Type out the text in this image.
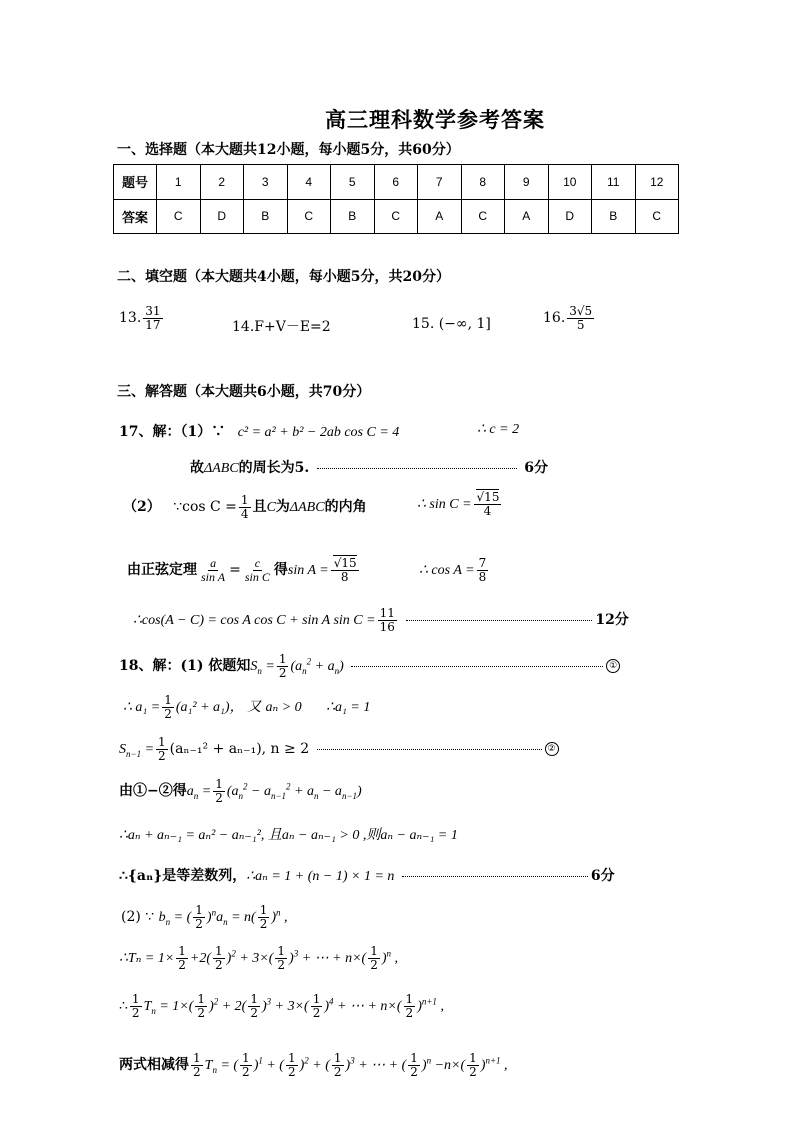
高三理科数学参考答案
一、选择题（本大题共12小题，每小题5分，共60分）
题号	1	2	3	4	5	6	7	8	9	10	11	12
答案	C	D	B	C	B	C	A	C	A	D	B	C
二、填空题（本大题共4小题，每小题5分，共20分）
13. $\frac{31}{17}$	14.F+V－E=2	15. (−∞, 1]	16. $\frac{3√5}{5}$
三、解答题（本大题共6小题，共70分）
17、解：（1）∵ c² = a² + b² − 2ab cos C = 4	∴ c = 2
故ΔABC的周长为5.	6分
（2） ∵cos $C = \frac{1}{4}$ 且C为ΔABC的内角	∴ $\sin C = \frac{√15}{4}$
由正弦定理 $\frac{a}{\text{sin A}} = \frac{c}{\text{sin C}}$ 得$\sin A = \frac{√15}{8}$	∴ $\cos A = \frac{7}{8}$
∴cos(A − C) = cos A cos C + sin A $\sin C = \frac{11}{16}$	12分
18、解：(1) 依题知$S_n = \frac{1}{2} (a_n^2 + a_n)$	①
∴ $a_1 = \frac{1}{2} (a_1^2 + a_1)$， 又 aₙ > 0 ∴a₁ = 1
$S_{n-1} = \frac{1}{2} (a_{n-1}^2 + a_{n-1})$, n ≥ 2	②
由①−②得$a_n = \frac{1}{2} (a_n^2 - a_{n-1}^2 + a_n - a_{n-1})$
∴aₙ + aₙ₋₁ = aₙ² − aₙ₋₁², 且aₙ − aₙ₋₁ > 0 ,则aₙ − aₙ₋₁ = 1
∴{aₙ}是等差数列，∴aₙ = 1 + (n − 1) × 1 = n	6分
(2) ∵ $b_n$ = ( $\frac{1}{2} )^na_n = n( \frac{1}{2} )^n$ ,
∴Tₙ = $1\times \frac{1}{2} +2( \frac{1}{2} )^2 + 3\times( \frac{1}{2} )^3$ + ⋯ + $n\times( \frac{1}{2} )^n$ ,
∴ $\frac{1}{2} T_n = 1\times( \frac{1}{2} )^2 + 2( \frac{1}{2} )^3 + 3\times( \frac{1}{2} )^4$ + ⋯ + $n\times( \frac{1}{2} )^{n+1}$ ,
两式相减得 $\frac{1}{2} T_n$ = ( $\frac{1}{2} )^1$ + ( $\frac{1}{2} )^2$ + ( $\frac{1}{2} )^3$ + ⋯ + ( $\frac{1}{2} )^n -n\times( \frac{1}{2} )^{n+1}$ ,
